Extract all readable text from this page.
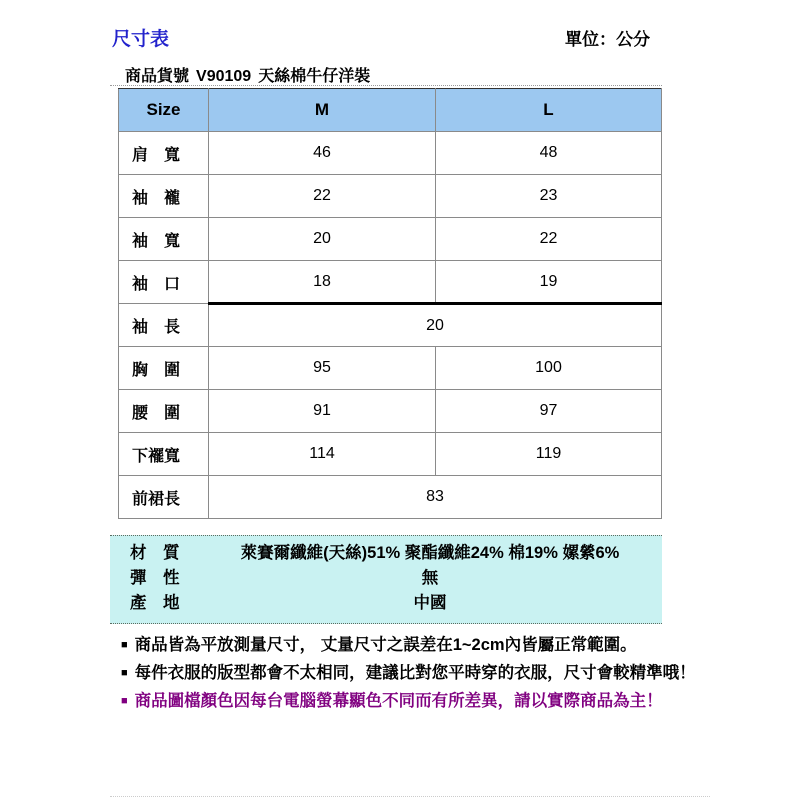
尺寸表	單位：公分
商品貨號 V90109 天絲棉牛仔洋裝
Size	M	L
肩　寬	46	48
袖　襱	22	23
袖　寬	20	22
袖　口	18	19
袖　長	20	
胸　圍	95	100
腰　圍	91	97
下襬寬	114	119
前裙長	83	
材　質	萊賽爾纖維(天絲)51% 聚酯纖維24% 棉19% 嫘縈6%
彈　性	無
產　地	中國
■ 商品皆為平放測量尺寸， 丈量尺寸之誤差在1~2cm內皆屬正常範圍。
■ 每件衣服的版型都會不太相同，建議比對您平時穿的衣服，尺寸會較精準哦！
■ 商品圖檔顏色因每台電腦螢幕顯色不同而有所差異，請以實際商品為主！
